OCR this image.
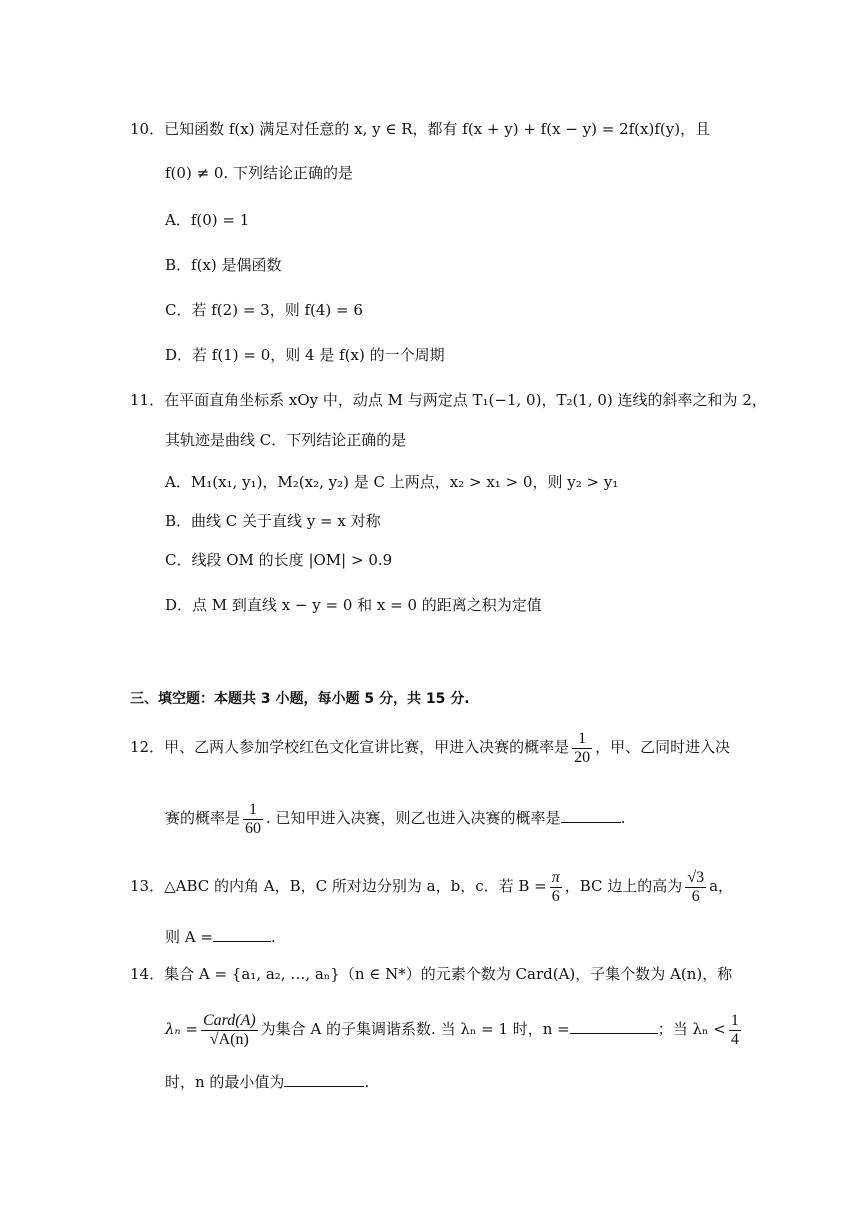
10．已知函数 f(x) 满足对任意的 x, y ∈ R，都有 f(x + y) + f(x − y) = 2f(x)f(y)，且
f(0) ≠ 0. 下列结论正确的是
A．f(0) = 1
B．f(x) 是偶函数
C．若 f(2) = 3，则 f(4) = 6
D．若 f(1) = 0，则 4 是 f(x) 的一个周期
11．在平面直角坐标系 xOy 中，动点 M 与两定点 T₁(−1, 0)，T₂(1, 0) 连线的斜率之和为 2，
其轨迹是曲线 C．下列结论正确的是
A．M₁(x₁, y₁)，M₂(x₂, y₂) 是 C 上两点，x₂ > x₁ > 0，则 y₂ > y₁
B．曲线 C 关于直线 y = x 对称
C．线段 OM 的长度 |OM| > 0.9
D．点 M 到直线 x − y = 0 和 x = 0 的距离之积为定值
三、填空题：本题共 3 小题，每小题 5 分，共 15 分.
12．甲、乙两人参加学校红色文化宣讲比赛，甲进入决赛的概率是 $\frac{1}{20}$ ，甲、乙同时进入决
赛的概率是 $\frac{1}{60}$ . 已知甲进入决赛，则乙也进入决赛的概率是	.
13．△ABC 的内角 A，B，C 所对边分别为 a，b，c．若 $B = \frac{\pi}{6}$ ，BC 边上的高为 $\frac{√3}{6}$ a，
则 A =	.
14．集合 A = {a₁, a₂, …, aₙ}（n ∈ N*）的元素个数为 Card(A)，子集个数为 A(n)，称
$\lambda_n = \frac{\text{Card(A)}}{√A(n)}$ 为集合 A 的子集调谐系数. 当 λₙ = 1 时，n =	；当 $\lambda_n < \frac{1}{4}$
时，n 的最小值为	.
